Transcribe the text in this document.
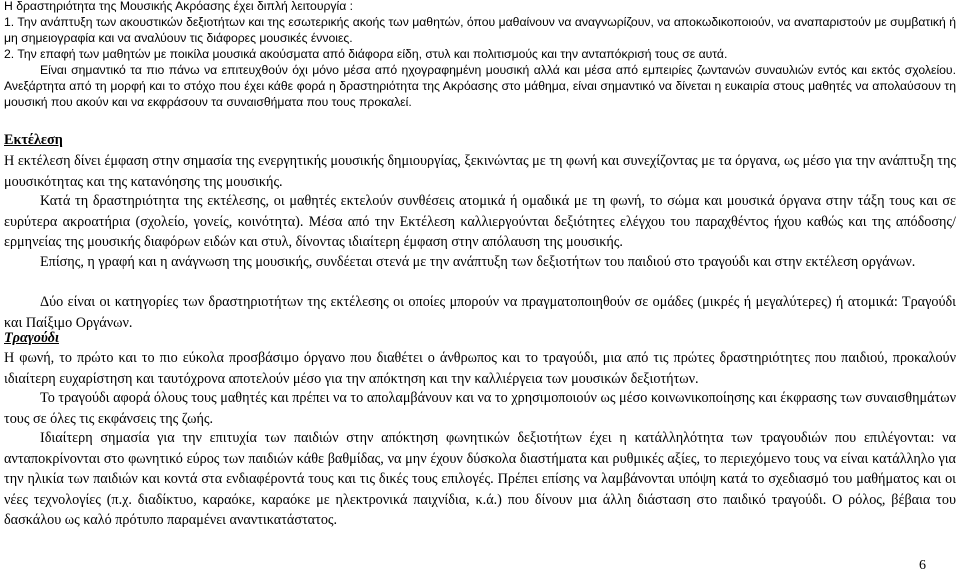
Η δραστηριότητα της Μουσικής Ακρόασης έχει διπλή λειτουργία :

1. Την ανάπτυξη των ακουστικών δεξιοτήτων και της εσωτερικής ακοής των μαθητών, όπου μαθαίνουν να αναγνωρίζουν, να αποκωδικοποιούν, να αναπαριστούν με συμβατική ή μη σημειογραφία και να αναλύουν τις διάφορες μουσικές έννοιες.

2. Την επαφή των μαθητών με ποικίλα μουσικά ακούσματα από διάφορα είδη, στυλ και πολιτισμούς και την ανταπόκρισή τους σε αυτά.

Είναι σημαντικό τα πιο πάνω να επιτευχθούν όχι μόνο μέσα από ηχογραφημένη μουσική αλλά και μέσα από εμπειρίες ζωντανών συναυλιών εντός και εκτός σχολείου. Ανεξάρτητα από τη μορφή και το στόχο που έχει κάθε φορά η δραστηριότητα της Ακρόασης στο μάθημα, είναι σημαντικό να δίνεται η ευκαιρία στους μαθητές να απολαύσουν τη μουσική που ακούν και να εκφράσουν τα συναισθήματα που τους προκαλεί.

Εκτέλεση

Η εκτέλεση δίνει έμφαση στην σημασία της ενεργητικής μουσικής δημιουργίας, ξεκινώντας με τη φωνή και συνεχίζοντας με τα όργανα, ως μέσο για την ανάπτυξη της μουσικότητας και της κατανόησης της μουσικής.

Κατά τη δραστηριότητα της εκτέλεσης, οι μαθητές εκτελούν συνθέσεις ατομικά ή ομαδικά με τη φωνή, το σώμα και μουσικά όργανα στην τάξη τους και σε ευρύτερα ακροατήρια (σχολείο, γονείς, κοινότητα). Μέσα από την Εκτέλεση καλλιεργούνται δεξιότητες ελέγχου του παραχθέντος ήχου καθώς και της απόδοσης/ερμηνείας της μουσικής διαφόρων ειδών και στυλ, δίνοντας ιδιαίτερη έμφαση στην απόλαυση της μουσικής.

Επίσης, η γραφή και η ανάγνωση της μουσικής, συνδέεται στενά με την ανάπτυξη των δεξιοτήτων του παιδιού στο τραγούδι και στην εκτέλεση οργάνων.

Δύο είναι οι κατηγορίες των δραστηριοτήτων της εκτέλεσης οι οποίες μπορούν να πραγματοποιηθούν σε ομάδες (μικρές ή μεγαλύτερες) ή ατομικά: Τραγούδι και Παίξιμο Οργάνων.

Τραγούδι

Η φωνή, το πρώτο και το πιο εύκολα προσβάσιμο όργανο που διαθέτει ο άνθρωπος και το τραγούδι, μια από τις πρώτες δραστηριότητες που παιδιού, προκαλούν ιδιαίτερη ευχαρίστηση και ταυτόχρονα αποτελούν μέσο για την απόκτηση και την καλλιέργεια των μουσικών δεξιοτήτων.

Το τραγούδι αφορά όλους τους μαθητές και πρέπει να το απολαμβάνουν και να το χρησιμοποιούν ως μέσο κοινωνικοποίησης και έκφρασης των συναισθημάτων τους σε όλες τις εκφάνσεις της ζωής.

Ιδιαίτερη σημασία για την επιτυχία των παιδιών στην απόκτηση φωνητικών δεξιοτήτων έχει η κατάλληλότητα των τραγουδιών που επιλέγονται: να ανταποκρίνονται στο φωνητικό εύρος των παιδιών κάθε βαθμίδας, να μην έχουν δύσκολα διαστήματα και ρυθμικές αξίες, το περιεχόμενο τους να είναι κατάλληλο για την ηλικία των παιδιών και κοντά στα ενδιαφέροντά τους και τις δικές τους επιλογές. Πρέπει επίσης να λαμβάνονται υπόψη κατά το σχεδιασμό του μαθήματος και οι νέες τεχνολογίες (π.χ. διαδίκτυο, καραόκε, καραόκε με ηλεκτρονικά παιχνίδια, κ.ά.) που δίνουν μια άλλη διάσταση στο παιδικό τραγούδι. Ο ρόλος, βέβαια του δασκάλου ως καλό πρότυπο παραμένει αναντικατάστατος.

6
